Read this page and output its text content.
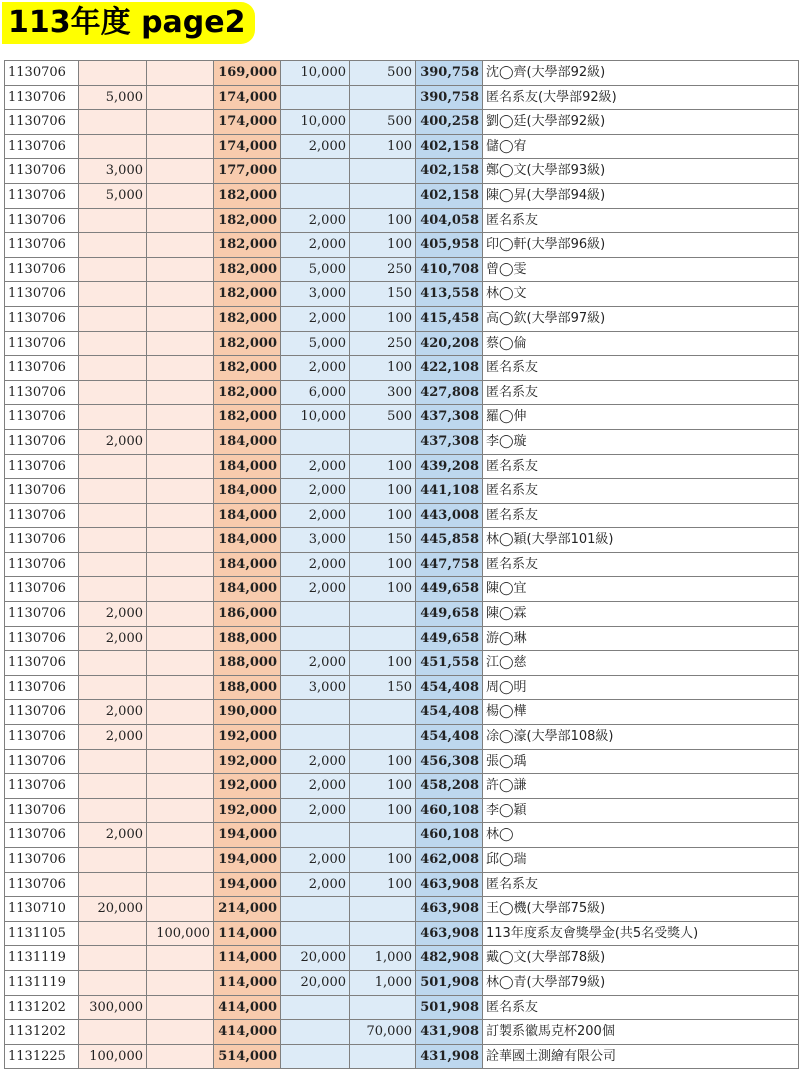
113年度 page2
1130706			169,000	10,000	500	390,758	沈◯齊(大學部92級)
1130706	5,000		174,000			390,758	匿名系友(大學部92級)
1130706			174,000	10,000	500	400,258	劉◯廷(大學部92級)
1130706			174,000	2,000	100	402,158	儲◯宥
1130706	3,000		177,000			402,158	鄭◯文(大學部93級)
1130706	5,000		182,000			402,158	陳◯昇(大學部94級)
1130706			182,000	2,000	100	404,058	匿名系友
1130706			182,000	2,000	100	405,958	印◯軒(大學部96級)
1130706			182,000	5,000	250	410,708	曾◯雯
1130706			182,000	3,000	150	413,558	林◯文
1130706			182,000	2,000	100	415,458	高◯欽(大學部97級)
1130706			182,000	5,000	250	420,208	蔡◯倫
1130706			182,000	2,000	100	422,108	匿名系友
1130706			182,000	6,000	300	427,808	匿名系友
1130706			182,000	10,000	500	437,308	羅◯伸
1130706	2,000		184,000			437,308	李◯璇
1130706			184,000	2,000	100	439,208	匿名系友
1130706			184,000	2,000	100	441,108	匿名系友
1130706			184,000	2,000	100	443,008	匿名系友
1130706			184,000	3,000	150	445,858	林◯穎(大學部101級)
1130706			184,000	2,000	100	447,758	匿名系友
1130706			184,000	2,000	100	449,658	陳◯宜
1130706	2,000		186,000			449,658	陳◯霖
1130706	2,000		188,000			449,658	游◯琳
1130706			188,000	2,000	100	451,558	江◯慈
1130706			188,000	3,000	150	454,408	周◯明
1130706	2,000		190,000			454,408	楊◯樺
1130706	2,000		192,000			454,408	凃◯濠(大學部108級)
1130706			192,000	2,000	100	456,308	張◯瑀
1130706			192,000	2,000	100	458,208	許◯謙
1130706			192,000	2,000	100	460,108	李◯穎
1130706	2,000		194,000			460,108	林◯
1130706			194,000	2,000	100	462,008	邱◯瑞
1130706			194,000	2,000	100	463,908	匿名系友
1130710	20,000		214,000			463,908	王◯機(大學部75級)
1131105		100,000	114,000			463,908	113年度系友會獎學金(共5名受獎人)
1131119			114,000	20,000	1,000	482,908	戴◯文(大學部78級)
1131119			114,000	20,000	1,000	501,908	林◯青(大學部79級)
1131202	300,000		414,000			501,908	匿名系友
1131202			414,000		70,000	431,908	訂製系徽馬克杯200個
1131225	100,000		514,000			431,908	詮華國土測繪有限公司
